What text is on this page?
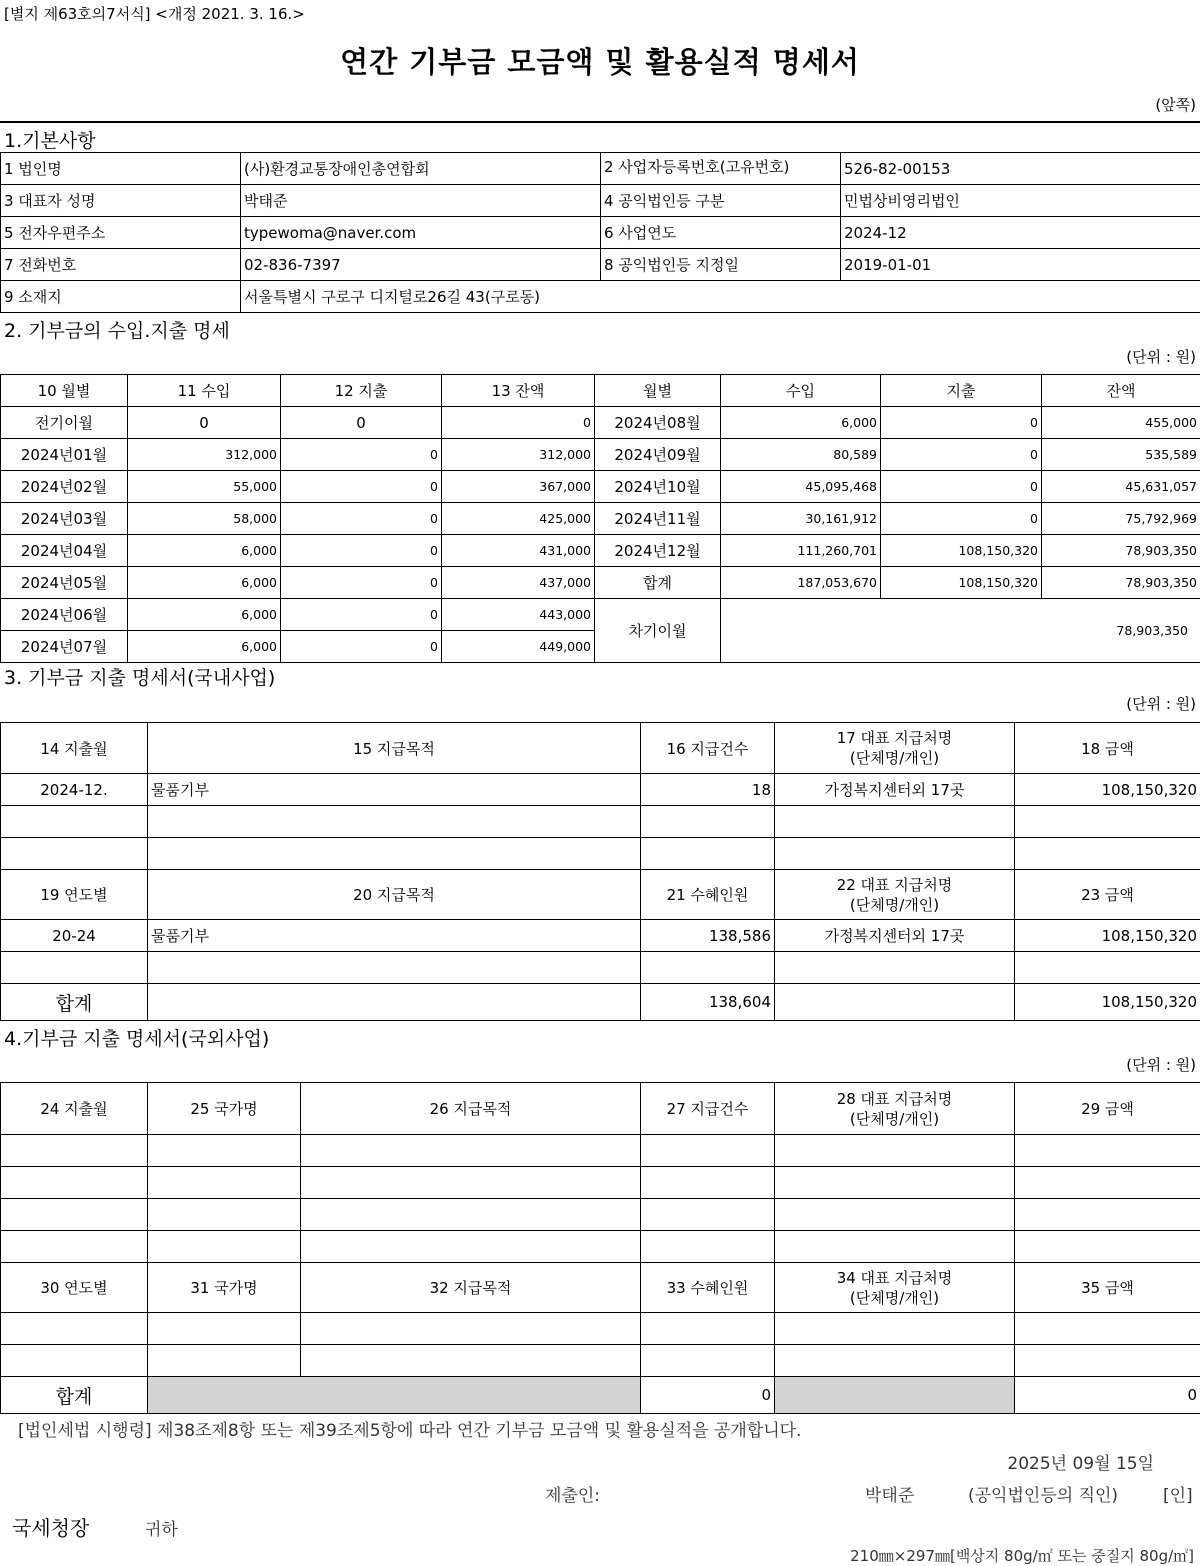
[별지 제63호의7서식] <개정 2021. 3. 16.>
연간 기부금 모금액 및 활용실적 명세서
(앞쪽)
1.기본사항
1 법인명	(사)환경교통장애인총연합회	2 사업자등록번호(고유번호)	526-82-00153
3 대표자 성명	박태준	4 공익법인등 구분	민법상비영리법인
5 전자우편주소	typewoma@naver.com	6 사업연도	2024-12
7 전화번호	02-836-7397	8 공익법인등 지정일	2019-01-01
9 소재지	서울특별시 구로구 디지털로26길 43(구로동)		
2. 기부금의 수입.지출 명세
(단위 : 원)
10 월별	11 수입	12 지출	13 잔액	월별	수입	지출	잔액
전기이월	0	0	0	2024년08월	6,000	0	455,000
2024년01월	312,000	0	312,000	2024년09월	80,589	0	535,589
2024년02월	55,000	0	367,000	2024년10월	45,095,468	0	45,631,057
2024년03월	58,000	0	425,000	2024년11월	30,161,912	0	75,792,969
2024년04월	6,000	0	431,000	2024년12월	111,260,701	108,150,320	78,903,350
2024년05월	6,000	0	437,000	합계	187,053,670	108,150,320	78,903,350
2024년06월	6,000	0	443,000	차기이월	78,903,350		
2024년07월	6,000	0	449,000				
3. 기부금 지출 명세서(국내사업)
(단위 : 원)
14 지출월	15 지급목적	16 지급건수	17 대표 지급처명
(단체명/개인)	18 금액
2024-12.	물품기부	18	가정복지센터외 17곳	108,150,320

19 연도별	20 지급목적	21 수혜인원	22 대표 지급처명
(단체명/개인)	23 금액
20-24	물품기부	138,586	가정복지센터외 17곳	108,150,320

합계		138,604		108,150,320
4.기부금 지출 명세서(국외사업)
(단위 : 원)
24 지출월	25 국가명	26 지급목적	27 지급건수	28 대표 지급처명
(단체명/개인)	29 금액

30 연도별	31 국가명	32 지급목적	33 수혜인원	34 대표 지급처명
(단체명/개인)	35 금액

합계			0		0
[법인세법 시행령] 제38조제8항 또는 제39조제5항에 따라 연간 기부금 모금액 및 활용실적을 공개합니다.
2025년 09월 15일
제출인:	박태준	(공익법인등의 직인)	[인]
국세청장	귀하
210㎜×297㎜[백상지 80g/㎡ 또는 중질지 80g/㎡]
